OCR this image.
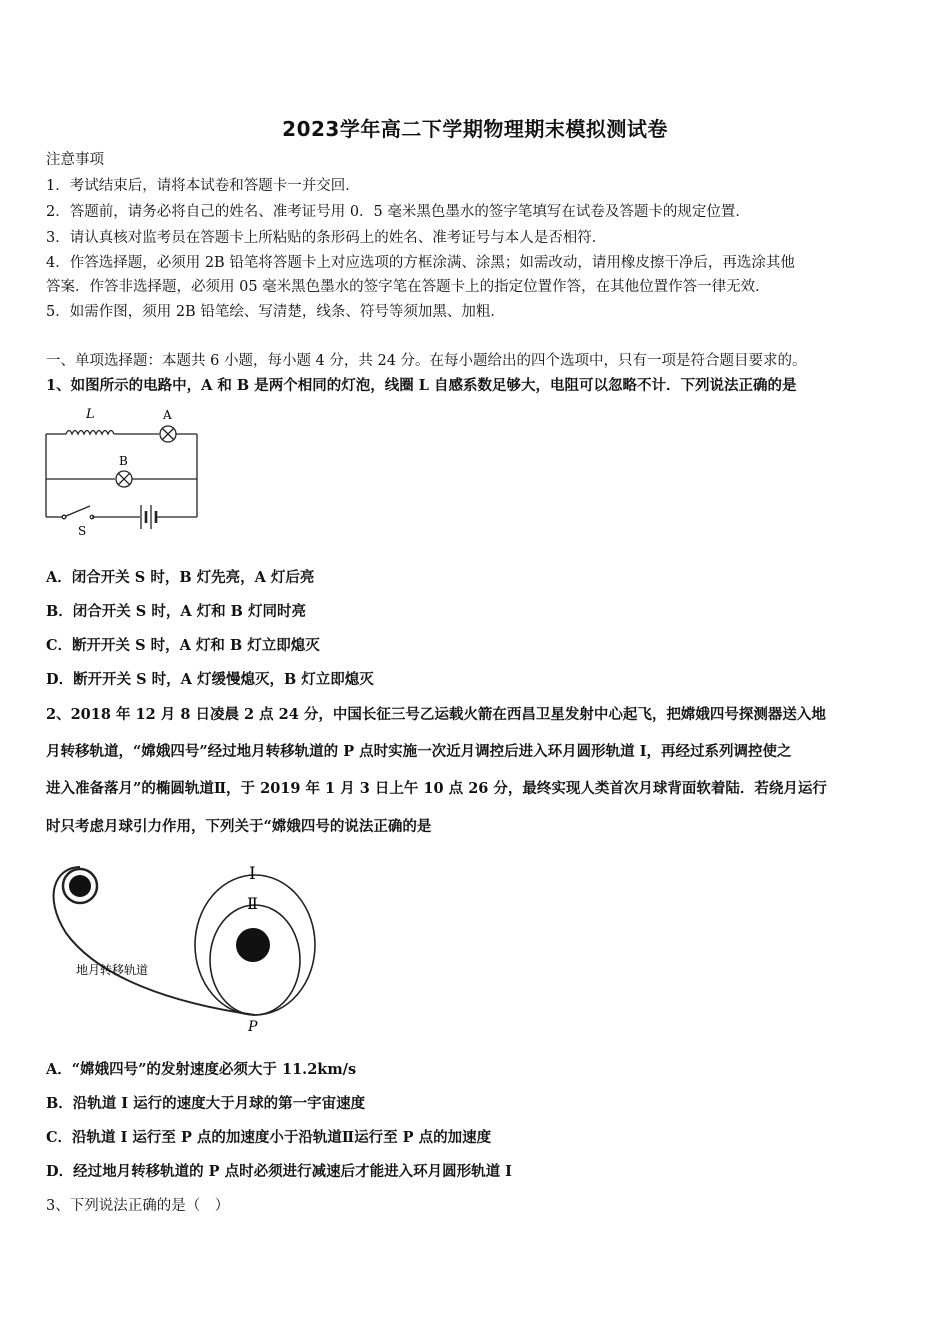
2023学年高二下学期物理期末模拟测试卷
注意事项
1．考试结束后，请将本试卷和答题卡一并交回．
2．答题前，请务必将自己的姓名、准考证号用 0．5 毫米黑色墨水的签字笔填写在试卷及答题卡的规定位置．
3．请认真核对监考员在答题卡上所粘贴的条形码上的姓名、准考证号与本人是否相符．
4．作答选择题，必须用 2B 铅笔将答题卡上对应选项的方框涂满、涂黑；如需改动，请用橡皮擦干净后，再选涂其他
答案．作答非选择题，必须用 05 毫米黑色墨水的签字笔在答题卡上的指定位置作答，在其他位置作答一律无效．
5．如需作图，须用 2B 铅笔绘、写清楚，线条、符号等须加黑、加粗．
一、单项选择题：本题共 6 小题，每小题 4 分，共 24 分。在每小题给出的四个选项中，只有一项是符合题目要求的。
1、如图所示的电路中，A 和 B 是两个相同的灯泡，线圈 L 自感系数足够大，电阻可以忽略不计．下列说法正确的是
L	A
B
S
A．闭合开关 S 时，B 灯先亮，A 灯后亮
B．闭合开关 S 时，A 灯和 B 灯同时亮
C．断开开关 S 时，A 灯和 B 灯立即熄灭
D．断开开关 S 时，A 灯缓慢熄灭，B 灯立即熄灭
2、2018 年 12 月 8 日凌晨 2 点 24 分，中国长征三号乙运载火箭在西昌卫星发射中心起飞，把嫦娥四号探测器送入地
月转移轨道，“嫦娥四号”经过地月转移轨道的 P 点时实施一次近月调控后进入环月圆形轨道 I，再经过系列调控使之
进入准备落月”的椭圆轨道Ⅱ，于 2019 年 1 月 3 日上午 10 点 26 分，最终实现人类首次月球背面软着陆．若绕月运行
时只考虑月球引力作用，下列关于“嫦娥四号的说法正确的是
I
Ⅱ
地月转移轨道
P
A．“嫦娥四号”的发射速度必须大于 11.2km/s
B．沿轨道 I 运行的速度大于月球的第一宇宙速度
C．沿轨道 I 运行至 P 点的加速度小于沿轨道Ⅱ运行至 P 点的加速度
D．经过地月转移轨道的 P 点时必须进行减速后才能进入环月圆形轨道 I
3、下列说法正确的是（　）
